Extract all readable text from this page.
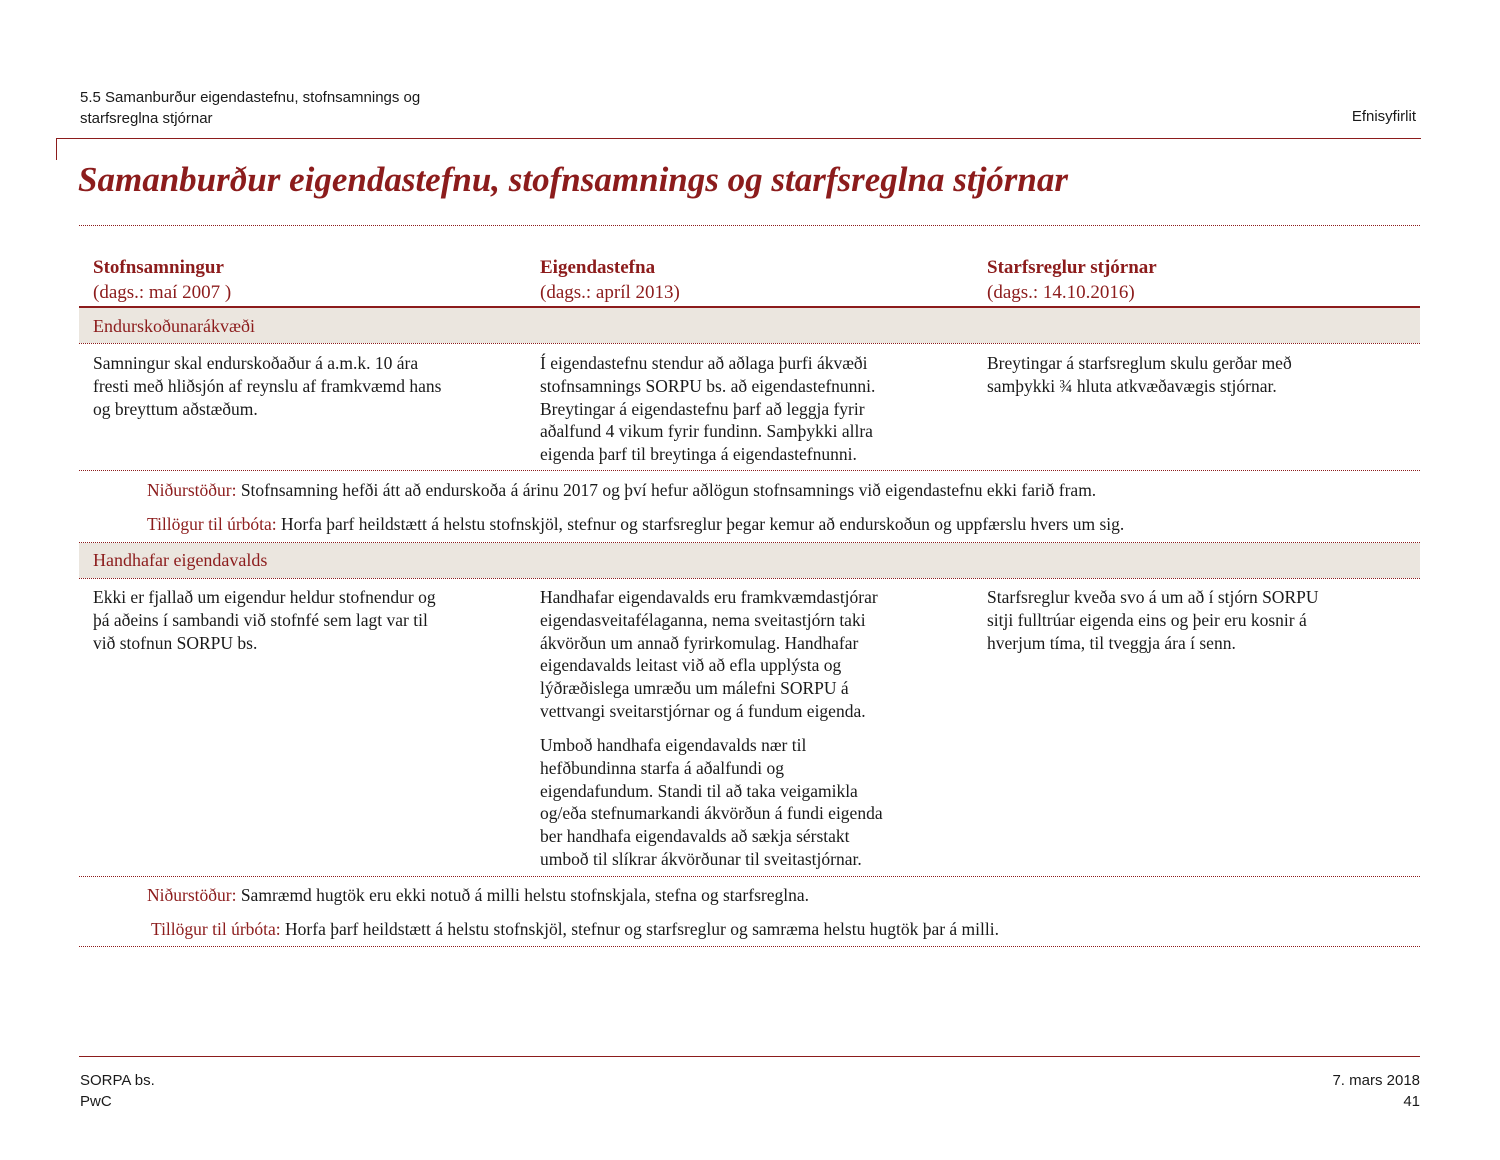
5.5 Samanburður eigendastefnu, stofnsamnings og
starfsreglna stjórnar	Efnisyfirlit
Samanburður eigendastefnu, stofnsamnings og starfsreglna stjórnar
Stofnsamningur
(dags.: maí 2007 )
Eigendastefna
(dags.: apríl 2013)
Starfsreglur stjórnar
(dags.: 14.10.2016)
Endurskoðunarákvæði
Samningur skal endurskoðaður á a.m.k. 10 ára
fresti með hliðsjón af reynslu af framkvæmd hans
og breyttum aðstæðum.
Í eigendastefnu stendur að aðlaga þurfi ákvæði
stofnsamnings SORPU bs. að eigendastefnunni.
Breytingar á eigendastefnu þarf að leggja fyrir
aðalfund 4 vikum fyrir fundinn. Samþykki allra
eigenda þarf til breytinga á eigendastefnunni.
Breytingar á starfsreglum skulu gerðar með
samþykki ¾ hluta atkvæðavægis stjórnar.
Niðurstöður: Stofnsamning hefði átt að endurskoða á árinu 2017 og því hefur aðlögun stofnsamnings við eigendastefnu ekki farið fram.
Tillögur til úrbóta: Horfa þarf heildstætt á helstu stofnskjöl, stefnur og starfsreglur þegar kemur að endurskoðun og uppfærslu hvers um sig.
Handhafar eigendavalds
Ekki er fjallað um eigendur heldur stofnendur og
þá aðeins í sambandi við stofnfé sem lagt var til
við stofnun SORPU bs.
Handhafar eigendavalds eru framkvæmdastjórar
eigendasveitafélaganna, nema sveitastjórn taki
ákvörðun um annað fyrirkomulag. Handhafar
eigendavalds leitast við að efla upplýsta og
lýðræðislega umræðu um málefni SORPU á
vettvangi sveitarstjórnar og á fundum eigenda.
Umboð handhafa eigendavalds nær til
hefðbundinna starfa á aðalfundi og
eigendafundum. Standi til að taka veigamikla
og/eða stefnumarkandi ákvörðun á fundi eigenda
ber handhafa eigendavalds að sækja sérstakt
umboð til slíkrar ákvörðunar til sveitastjórnar.
Starfsreglur kveða svo á um að í stjórn SORPU
sitji fulltrúar eigenda eins og þeir eru kosnir á
hverjum tíma, til tveggja ára í senn.
Niðurstöður: Samræmd hugtök eru ekki notuð á milli helstu stofnskjala, stefna og starfsreglna.
Tillögur til úrbóta: Horfa þarf heildstætt á helstu stofnskjöl, stefnur og starfsreglur og samræma helstu hugtök þar á milli.
SORPA bs.
PwC
7. mars 2018
41
